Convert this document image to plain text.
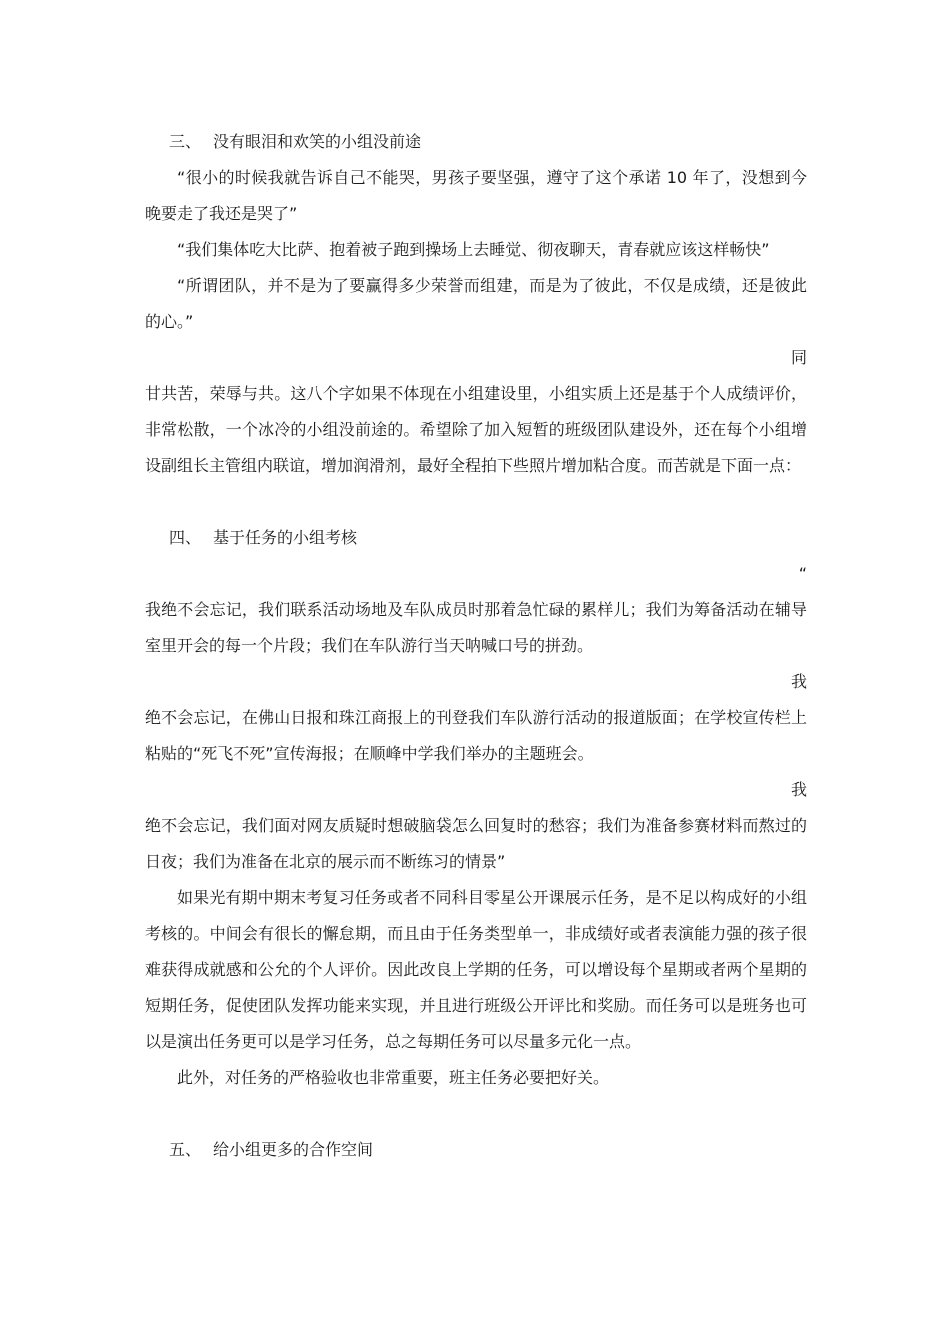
三、 没有眼泪和欢笑的小组没前途

“很小的时候我就告诉自己不能哭，男孩子要坚强，遵守了这个承诺 10 年了，没想到今晚要走了我还是哭了”

“我们集体吃大比萨、抱着被子跑到操场上去睡觉、彻夜聊天，青春就应该这样畅快”

“所谓团队，并不是为了要赢得多少荣誉而组建，而是为了彼此，不仅是成绩，还是彼此的心。”

同

甘共苦，荣辱与共。这八个字如果不体现在小组建设里，小组实质上还是基于个人成绩评价，非常松散，一个冰冷的小组没前途的。希望除了加入短暂的班级团队建设外，还在每个小组增设副组长主管组内联谊，增加润滑剂，最好全程拍下些照片增加粘合度。而苦就是下面一点：

四、 基于任务的小组考核

“

我绝不会忘记，我们联系活动场地及车队成员时那着急忙碌的累样儿；我们为筹备活动在辅导室里开会的每一个片段；我们在车队游行当天呐喊口号的拼劲。

我

绝不会忘记，在佛山日报和珠江商报上的刊登我们车队游行活动的报道版面；在学校宣传栏上粘贴的“死飞不死”宣传海报；在顺峰中学我们举办的主题班会。

我

绝不会忘记，我们面对网友质疑时想破脑袋怎么回复时的愁容；我们为准备参赛材料而熬过的日夜；我们为准备在北京的展示而不断练习的情景”

如果光有期中期末考复习任务或者不同科目零星公开课展示任务，是不足以构成好的小组考核的。中间会有很长的懈怠期，而且由于任务类型单一，非成绩好或者表演能力强的孩子很难获得成就感和公允的个人评价。因此改良上学期的任务，可以增设每个星期或者两个星期的短期任务，促使团队发挥功能来实现，并且进行班级公开评比和奖励。而任务可以是班务也可以是演出任务更可以是学习任务，总之每期任务可以尽量多元化一点。

此外，对任务的严格验收也非常重要，班主任务必要把好关。

五、 给小组更多的合作空间
